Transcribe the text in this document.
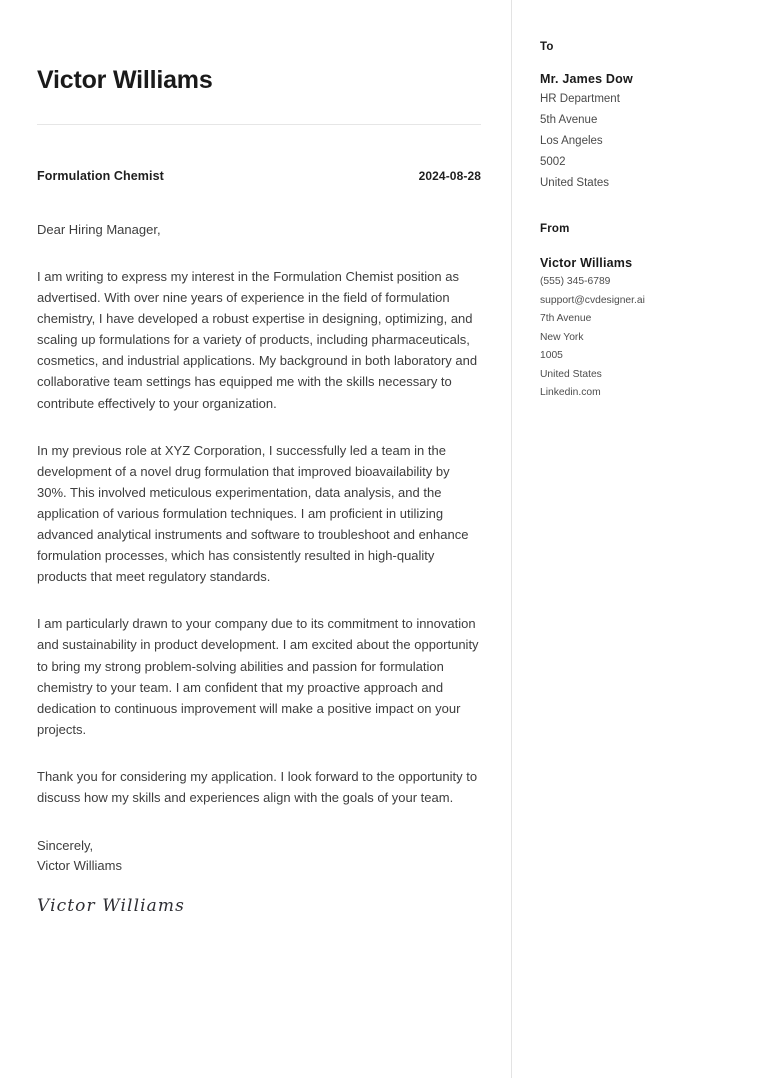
Victor Williams
Formulation Chemist	2024-08-28
Dear Hiring Manager,

I am writing to express my interest in the Formulation Chemist position as advertised. With over nine years of experience in the field of formulation chemistry, I have developed a robust expertise in designing, optimizing, and scaling up formulations for a variety of products, including pharmaceuticals, cosmetics, and industrial applications. My background in both laboratory and collaborative team settings has equipped me with the skills necessary to contribute effectively to your organization.

In my previous role at XYZ Corporation, I successfully led a team in the development of a novel drug formulation that improved bioavailability by 30%. This involved meticulous experimentation, data analysis, and the application of various formulation techniques. I am proficient in utilizing advanced analytical instruments and software to troubleshoot and enhance formulation processes, which has consistently resulted in high-quality products that meet regulatory standards.

I am particularly drawn to your company due to its commitment to innovation and sustainability in product development. I am excited about the opportunity to bring my strong problem-solving abilities and passion for formulation chemistry to your team. I am confident that my proactive approach and dedication to continuous improvement will make a positive impact on your projects.

Thank you for considering my application. I look forward to the opportunity to discuss how my skills and experiences align with the goals of your team.

Sincerely,
Victor Williams
Victor Williams
To
Mr. James Dow
HR Department
5th Avenue
Los Angeles
5002
United States
From
Victor Williams
(555) 345-6789
support@cvdesigner.ai
7th Avenue
New York
1005
United States
Linkedin.com
